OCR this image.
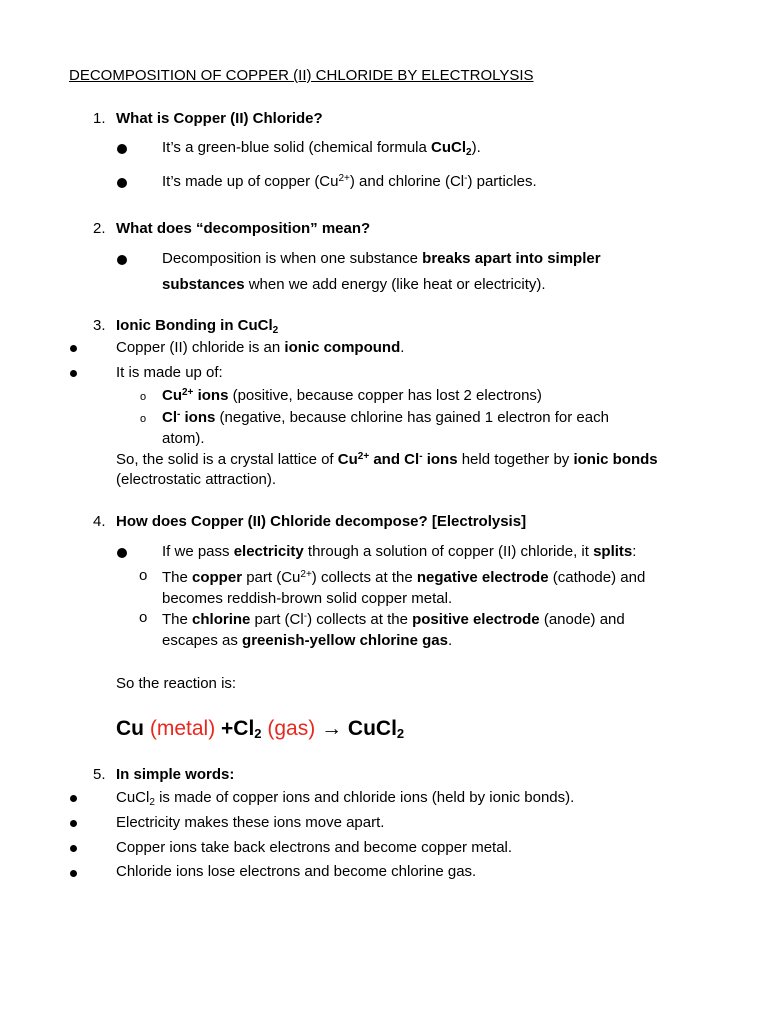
DECOMPOSITION OF COPPER (II) CHLORIDE BY ELECTROLYSIS
1. What is Copper (II) Chloride?
It’s a green-blue solid (chemical formula CuCl$_2$).
It’s made up of copper $(Cu^{2+})$ and chlorine (Cl-) particles.
2. What does “decomposition” mean?
Decomposition is when one substance breaks apart into simpler
substances when we add energy (like heat or electricity).
3. Ionic Bonding in CuCl$_2$
Copper (II) chloride is an ionic compound.
It is made up of:
o $Cu^{2+}$ ions (positive, because copper has lost 2 electrons)
o Cl- ions (negative, because chlorine has gained 1 electron for each
atom).
So, the solid is a crystal lattice of $Cu^{2+}$ and Cl- ions held together by ionic bonds
(electrostatic attraction).
4. How does Copper (II) Chloride decompose? [Electrolysis]
If we pass electricity through a solution of copper (II) chloride, it splits:
o The copper part $(Cu^{2+})$ collects at the negative electrode (cathode) and
becomes reddish-brown solid copper metal.
o The chlorine part (Cl-) collects at the positive electrode (anode) and
escapes as greenish-yellow chlorine gas.
So the reaction is:
Cu (metal) $+Cl_2$ (gas) → CuCl$_2$
5. In simple words:
CuCl$_2$ is made of copper ions and chloride ions (held by ionic bonds).
Electricity makes these ions move apart.
Copper ions take back electrons and become copper metal.
Chloride ions lose electrons and become chlorine gas.
